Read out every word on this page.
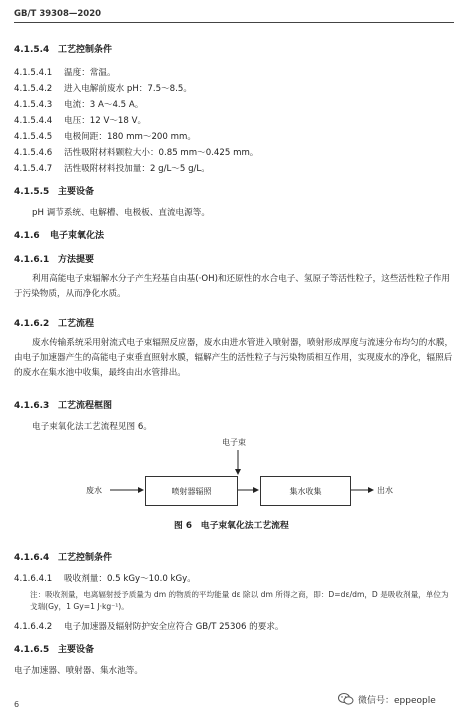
GB/T 39308—2020
4.1.5.4 工艺控制条件
4.1.5.4.1 温度：常温。
4.1.5.4.2 进入电解前废水 pH：7.5～8.5。
4.1.5.4.3 电流：3 A～4.5 A。
4.1.5.4.4 电压：12 V～18 V。
4.1.5.4.5 电极间距：180 mm～200 mm。
4.1.5.4.6 活性吸附材料颗粒大小：0.85 mm～0.425 mm。
4.1.5.4.7 活性吸附材料投加量：2 g/L～5 g/L。
4.1.5.5 主要设备
pH 调节系统、电解槽、电极板、直流电源等。
4.1.6 电子束氧化法
4.1.6.1 方法提要
利用高能电子束辐解水分子产生羟基自由基(·OH)和还原性的水合电子、氢原子等活性粒子，这些活性粒子作用于污染物质，从而净化水质。
4.1.6.2 工艺流程
废水传输系统采用射流式电子束辐照反应器，废水由进水管进入喷射器，喷射形成厚度与流速分布均匀的水膜，由电子加速器产生的高能电子束垂直照射水膜，辐解产生的活性粒子与污染物质相互作用，实现废水的净化，辐照后的废水在集水池中收集，最终由出水管排出。
4.1.6.3 工艺流程框图
电子束氧化法工艺流程见图 6。
废水
电子束
喷射器辐照	集水收集	出水
图 6　电子束氧化法工艺流程
4.1.6.4 工艺控制条件
4.1.6.4.1 吸收剂量：0.5 kGy～10.0 kGy。
注：吸收剂量，电离辐射授予质量为 dm 的物质的平均能量 dε 除以 dm 所得之商，即：D=dε/dm，D 是吸收剂量，单位为戈瑞(Gy，1 Gy=1 J·kg⁻¹)。
4.1.6.4.2 电子加速器及辐射防护安全应符合 GB/T 25306 的要求。
4.1.6.5 主要设备
电子加速器、喷射器、集水池等。
6	微信号：eppeople
